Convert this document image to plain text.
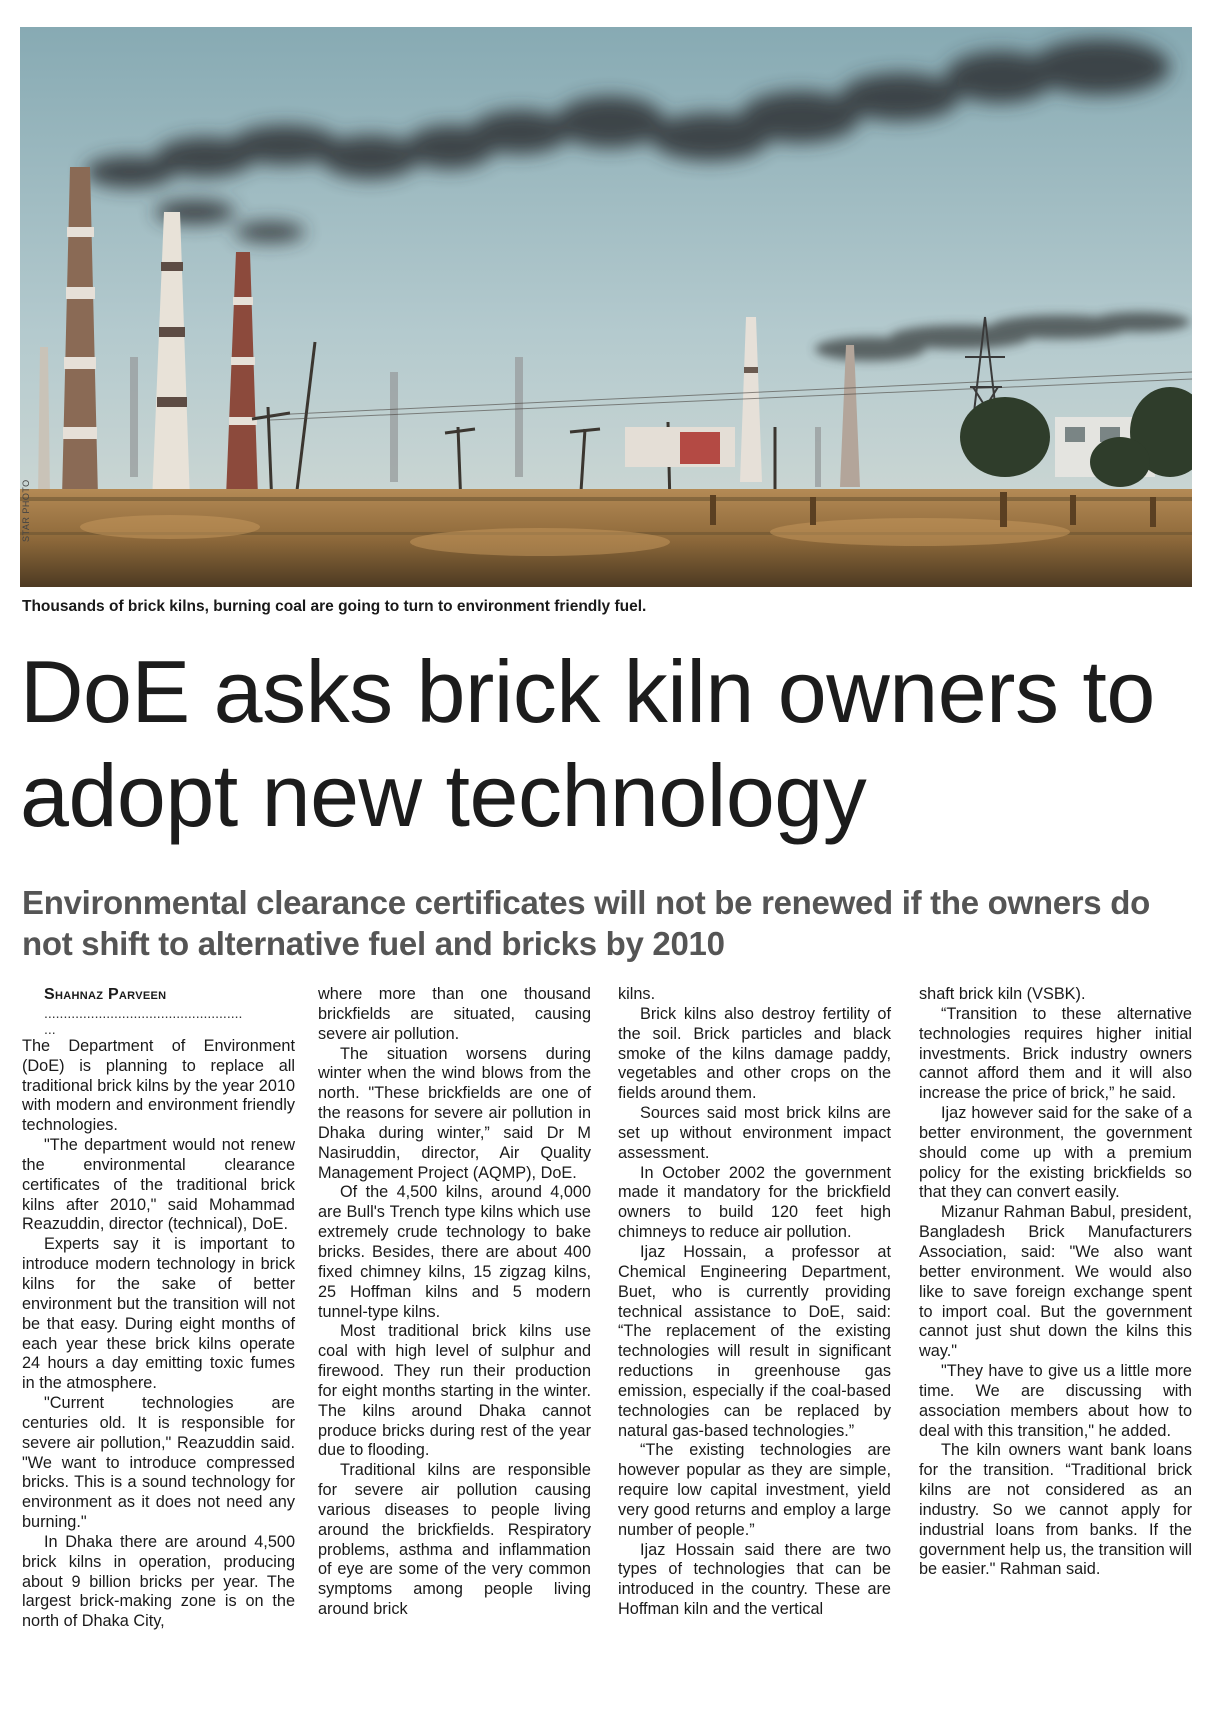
STAR PHOTO
Thousands of brick kilns, burning coal are going to turn to environment friendly fuel.
DoE asks brick kiln owners to adopt new technology
Environmental clearance certificates will not be renewed if the owners do not shift to alternative fuel and bricks by 2010

Shahnaz Parveen

...................................................

...

The Department of Environment (DoE) is planning to replace all traditional brick kilns by the year 2010 with modern and environment friendly technologies.

"The department would not renew the environmental clearance certificates of the traditional brick kilns after 2010," said Mohammad Reazuddin, director (technical), DoE.

Experts say it is important to introduce modern technology in brick kilns for the sake of better environment but the transition will not be that easy. During eight months of each year these brick kilns operate 24 hours a day emitting toxic fumes in the atmosphere.

"Current technologies are centuries old. It is responsible for severe air pollution," Reazuddin said. "We want to introduce compressed bricks. This is a sound technology for environment as it does not need any burning."

In Dhaka there are around 4,500 brick kilns in operation, producing about 9 billion bricks per year. The largest brick-making zone is on the north of Dhaka City,

where more than one thousand brickfields are situated, causing severe air pollution.

The situation worsens during winter when the wind blows from the north. "These brickfields are one of the reasons for severe air pollution in Dhaka during winter,” said Dr M Nasiruddin, director, Air Quality Management Project (AQMP), DoE.

Of the 4,500 kilns, around 4,000 are Bull's Trench type kilns which use extremely crude technology to bake bricks. Besides, there are about 400 fixed chimney kilns, 15 zigzag kilns, 25 Hoffman kilns and 5 modern tunnel-type kilns.

Most traditional brick kilns use coal with high level of sulphur and firewood. They run their production for eight months starting in the winter. The kilns around Dhaka cannot produce bricks during rest of the year due to flooding.

Traditional kilns are responsible for severe air pollution causing various diseases to people living around the brickfields. Respiratory problems, asthma and inflammation of eye are some of the very common symptoms among people living around brick

kilns.

Brick kilns also destroy fertility of the soil. Brick particles and black smoke of the kilns damage paddy, vegetables and other crops on the fields around them.

Sources said most brick kilns are set up without environment impact assessment.

In October 2002 the government made it mandatory for the brickfield owners to build 120 feet high chimneys to reduce air pollution.

Ijaz Hossain, a professor at Chemical Engineering Department, Buet, who is currently providing technical assistance to DoE, said: “The replacement of the existing technologies will result in significant reductions in greenhouse gas emission, especially if the coal-based technologies can be replaced by natural gas-based technologies.”

“The existing technologies are however popular as they are simple, require low capital investment, yield very good returns and employ a large number of people.”

Ijaz Hossain said there are two types of technologies that can be introduced in the country. These are Hoffman kiln and the vertical

shaft brick kiln (VSBK).

“Transition to these alternative technologies requires higher initial investments. Brick industry owners cannot afford them and it will also increase the price of brick,” he said.

Ijaz however said for the sake of a better environment, the government should come up with a premium policy for the existing brickfields so that they can convert easily.

Mizanur Rahman Babul, president, Bangladesh Brick Manufacturers Association, said: "We also want better environment. We would also like to save foreign exchange spent to import coal. But the government cannot just shut down the kilns this way."

"They have to give us a little more time. We are discussing with association members about how to deal with this transition," he added.

The kiln owners want bank loans for the transition. “Traditional brick kilns are not considered as an industry. So we cannot apply for industrial loans from banks. If the government help us, the transition will be easier." Rahman said.
